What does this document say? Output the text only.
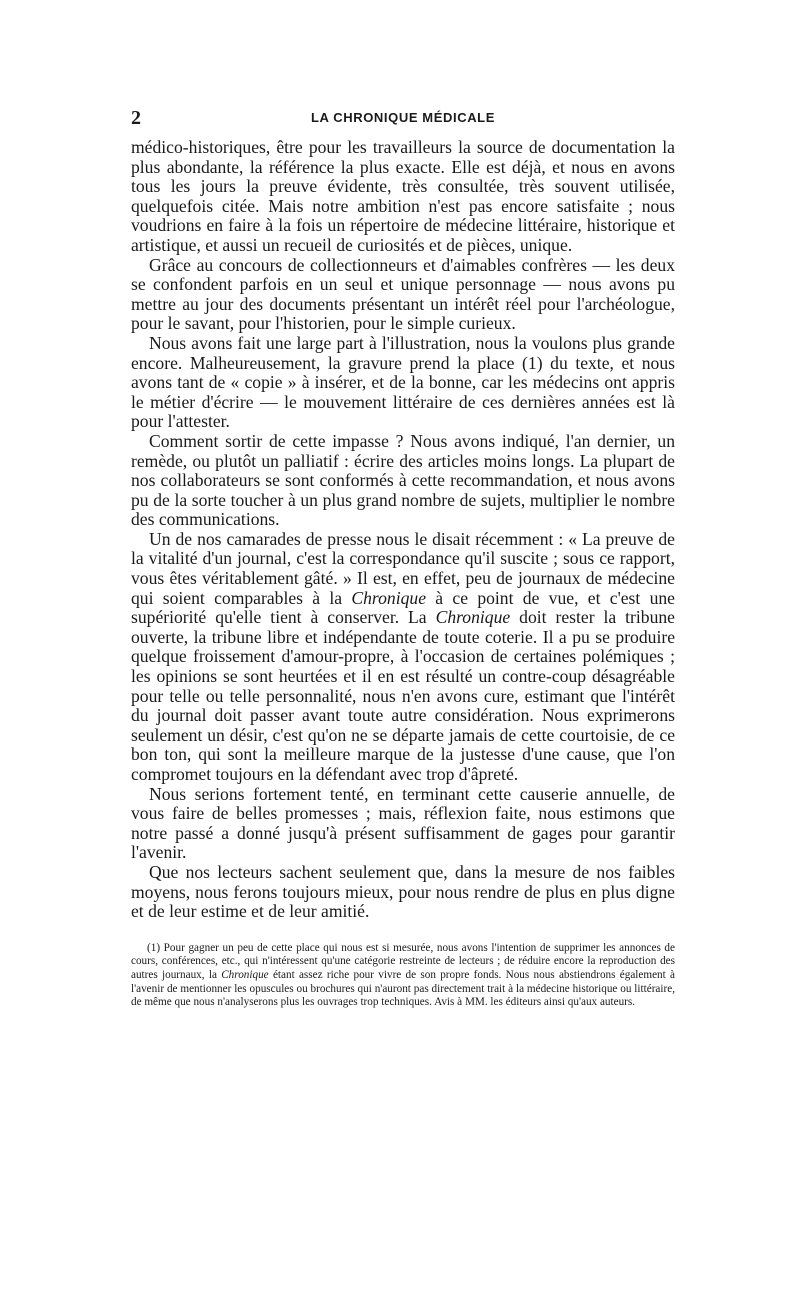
2	LA CHRONIQUE MÉDICALE

médico-historiques, être pour les travailleurs la source de documentation la plus abondante, la référence la plus exacte. Elle est déjà, et nous en avons tous les jours la preuve évidente, très consultée, très souvent utilisée, quelquefois citée. Mais notre ambition n'est pas encore satisfaite ; nous voudrions en faire à la fois un répertoire de médecine littéraire, historique et artistique, et aussi un recueil de curiosités et de pièces, unique.

Grâce au concours de collectionneurs et d'aimables confrères — les deux se confondent parfois en un seul et unique personnage — nous avons pu mettre au jour des documents présentant un intérêt réel pour l'archéologue, pour le savant, pour l'historien, pour le simple curieux.

Nous avons fait une large part à l'illustration, nous la voulons plus grande encore. Malheureusement, la gravure prend la place (1) du texte, et nous avons tant de « copie » à insérer, et de la bonne, car les médecins ont appris le métier d'écrire — le mouvement littéraire de ces dernières années est là pour l'attester.

Comment sortir de cette impasse ? Nous avons indiqué, l'an dernier, un remède, ou plutôt un palliatif : écrire des articles moins longs. La plupart de nos collaborateurs se sont conformés à cette recommandation, et nous avons pu de la sorte toucher à un plus grand nombre de sujets, multiplier le nombre des communications.

Un de nos camarades de presse nous le disait récemment : « La preuve de la vitalité d'un journal, c'est la correspondance qu'il suscite ; sous ce rapport, vous êtes véritablement gâté. » Il est, en effet, peu de journaux de médecine qui soient comparables à la Chronique à ce point de vue, et c'est une supériorité qu'elle tient à conserver. La Chronique doit rester la tribune ouverte, la tribune libre et indépendante de toute coterie. Il a pu se produire quelque froissement d'amour-propre, à l'occasion de certaines polémiques ; les opinions se sont heurtées et il en est résulté un contre-coup désagréable pour telle ou telle personnalité, nous n'en avons cure, estimant que l'intérêt du journal doit passer avant toute autre considération. Nous exprimerons seulement un désir, c'est qu'on ne se départe jamais de cette courtoisie, de ce bon ton, qui sont la meilleure marque de la justesse d'une cause, que l'on compromet toujours en la défendant avec trop d'âpreté.

Nous serions fortement tenté, en terminant cette causerie annuelle, de vous faire de belles promesses ; mais, réflexion faite, nous estimons que notre passé a donné jusqu'à présent suffisamment de gages pour garantir l'avenir.

Que nos lecteurs sachent seulement que, dans la mesure de nos faibles moyens, nous ferons toujours mieux, pour nous rendre de plus en plus digne et de leur estime et de leur amitié.

(1) Pour gagner un peu de cette place qui nous est si mesurée, nous avons l'intention de supprimer les annonces de cours, conférences, etc., qui n'intéressent qu'une catégorie restreinte de lecteurs ; de réduire encore la reproduction des autres journaux, la Chronique étant assez riche pour vivre de son propre fonds. Nous nous abstiendrons également à l'avenir de mentionner les opuscules ou brochures qui n'auront pas directement trait à la médecine historique ou littéraire, de même que nous n'analyserons plus les ouvrages trop techniques. Avis à MM. les éditeurs ainsi qu'aux auteurs.
